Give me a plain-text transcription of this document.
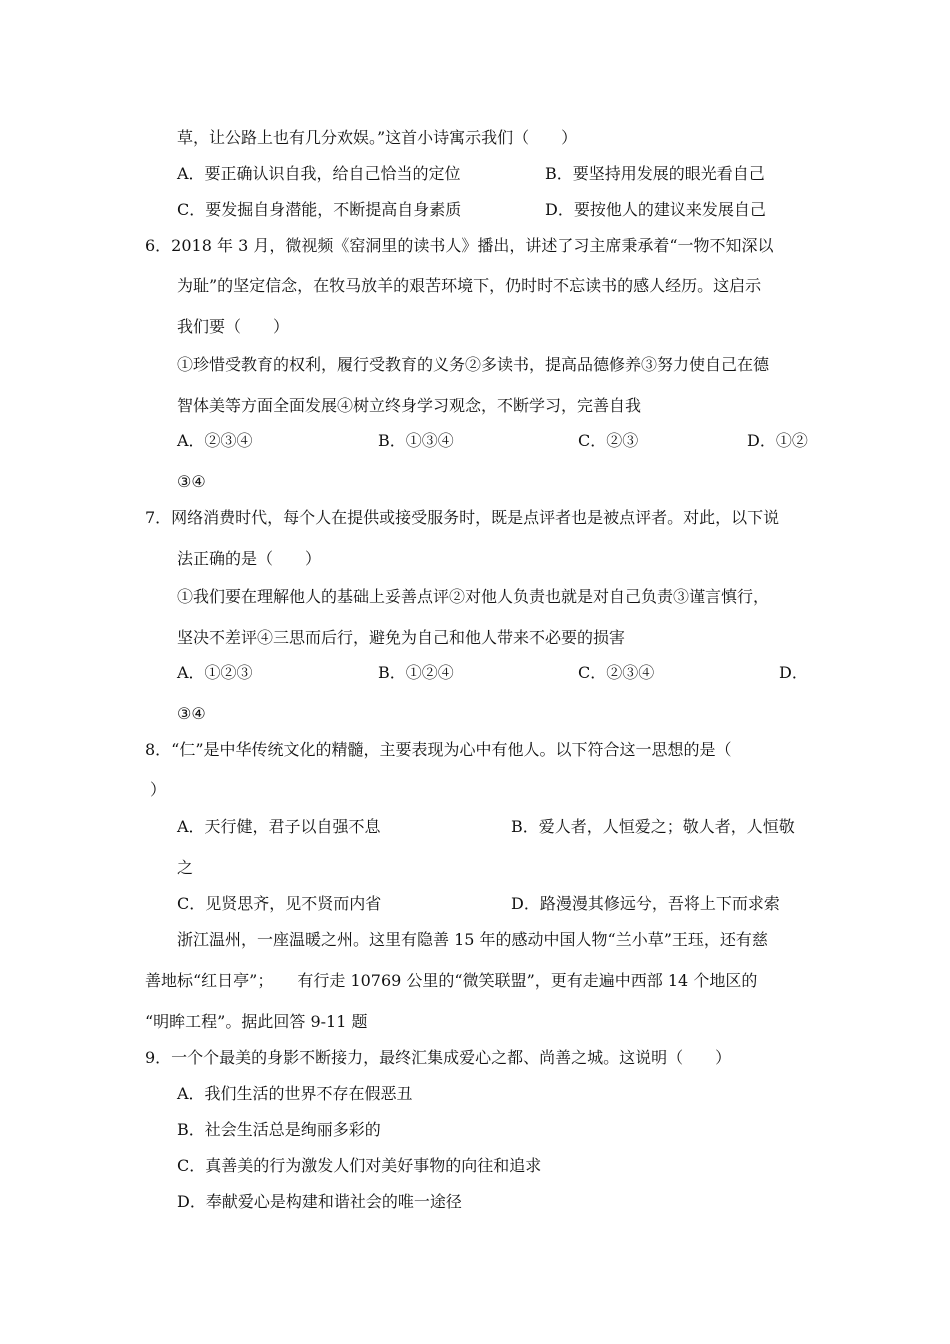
草，让公路上也有几分欢娱。”这首小诗寓示我们（　　）
A．要正确认识自我，给自己恰当的定位	B．要坚持用发展的眼光看自己
C．要发掘自身潜能，不断提高自身素质	D．要按他人的建议来发展自己
6．2018 年 3 月，微视频《窑洞里的读书人》播出，讲述了习主席秉承着“一物不知深以
为耻”的坚定信念，在牧马放羊的艰苦环境下，仍时时不忘读书的感人经历。这启示
我们要（　　）
①珍惜受教育的权利，履行受教育的义务②多读书，提高品德修养③努力使自己在德
智体美等方面全面发展④树立终身学习观念，不断学习，完善自我
A．②③④	B．①③④	C．②③	D．①②
③④
7．网络消费时代，每个人在提供或接受服务时，既是点评者也是被点评者。对此，以下说
法正确的是（　　）
①我们要在理解他人的基础上妥善点评②对他人负责也就是对自己负责③谨言慎行，
坚决不差评④三思而后行，避免为自己和他人带来不必要的损害
A．①②③	B．①②④	C．②③④	D．
③④
8．“仁”是中华传统文化的精髓，主要表现为心中有他人。以下符合这一思想的是（
）
A．天行健，君子以自强不息	B．爱人者，人恒爱之；敬人者，人恒敬
之
C．见贤思齐，见不贤而内省	D．路漫漫其修远兮，吾将上下而求索
浙江温州，一座温暖之州。这里有隐善 15 年的感动中国人物“兰小草”王珏，还有慈
善地标“红日亭”；　　有行走 10769 公里的“微笑联盟”，更有走遍中西部 14 个地区的
“明眸工程”。据此回答 9-11 题
9．一个个最美的身影不断接力，最终汇集成爱心之都、尚善之城。这说明（　　）
A．我们生活的世界不存在假恶丑
B．社会生活总是绚丽多彩的
C．真善美的行为激发人们对美好事物的向往和追求
D．奉献爱心是构建和谐社会的唯一途径
